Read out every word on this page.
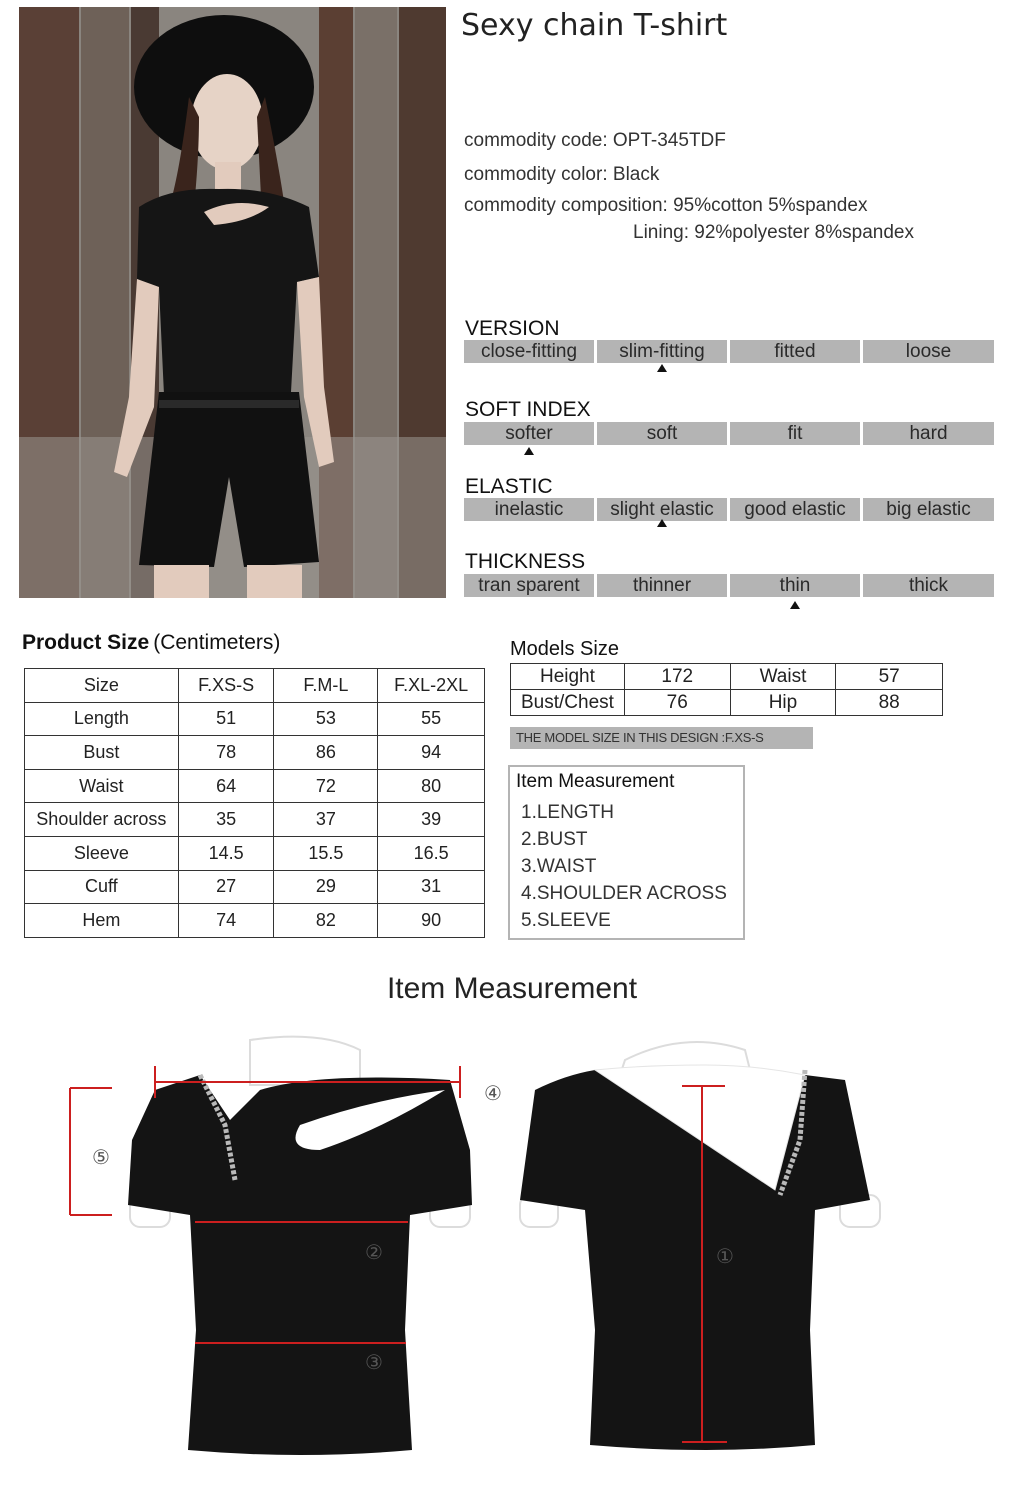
Sexy chain T-shirt
commodity code: OPT-345TDF
commodity color: Black
commodity composition: 95%cotton 5%spandex
Lining: 92%polyester 8%spandex
VERSION
close-fitting	slim-fitting	fitted	loose
SOFT INDEX
softer	soft	fit	hard
ELASTIC
inelastic	slight elastic	good elastic	big elastic
THICKNESS
tran sparent	thinner	thin	thick
Product Size (Centimeters)
Size	F.XS-S	F.M-L	F.XL-2XL
Length	51	53	55
Bust	78	86	94
Waist	64	72	80
Shoulder across	35	37	39
Sleeve	14.5	15.5	16.5
Cuff	27	29	31
Hem	74	82	90
Models Size
Height	172	Waist	57
Bust/Chest	76	Hip	88
THE MODEL SIZE IN THIS DESIGN :F.XS-S
Item Measurement
1.LENGTH
2.BUST
3.WAIST
4.SHOULDER ACROSS
5.SLEEVE
Item Measurement
①
②
③
④
⑤
